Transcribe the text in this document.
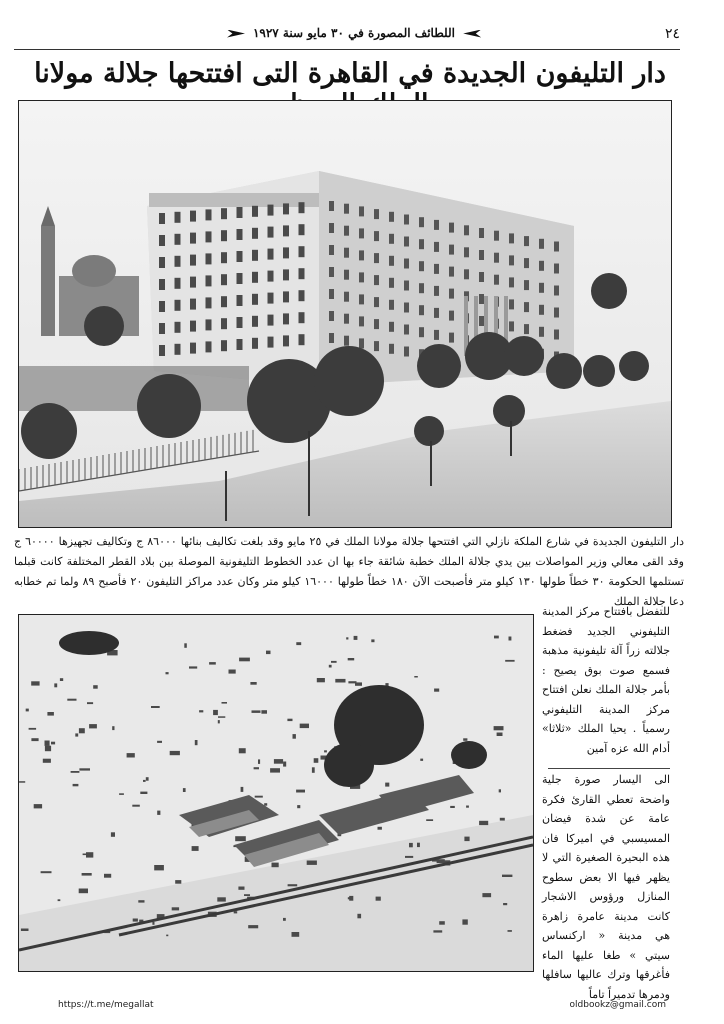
٢٤
اللطائف المصورة في ٣٠ مايو سنة ١٩٢٧
دار التليفون الجديدة في القاهرة التى افتتحها جلالة مولانا
دار التليفون الجديدة في شارع الملكة نازلي التي افتتحها جلالة مولانا الملك في ٢٥ مايو وقد بلغت تكاليف بنائها ٨٦٠٠٠ ج وتكاليف تجهيزها ٦٠٠٠٠ ج وقد القى معالي وزير المواصلات بين يدي جلالة الملك خطبة شائقة جاء بها ان عدد الخطوط التليفونية الموصلة بين بلاد القطر المختلفة كانت قبلما تستلمها الحكومة ٣٠ خطاً طولها ١٣٠ كيلو متر فأصبحت الآن ١٨٠ خطاً طولها ١٦٠٠٠ كيلو متر وكان عدد مراكز التليفون ٢٠ فأصبح ٨٩ ولما تم خطابه دعا جلالة الملك
للتفضل بافتتاح مركز المدينة التليفوني الجديد فضغط جلالته زراً آلة تليفونية مذهبة فسمع صوت بوق يصيح : بأمر جلالة الملك نعلن افتتاح مركز المدينة التليفوني رسمياً . يحيا الملك «ثلاثا» أدام الله عزه آمين
الى اليسار صورة جلية واضحة تعطي القارئ فكرة عامة عن شدة فيضان المسيسبي في اميركا فان هذه البحيرة الصغيرة التي لا يظهر فيها الا بعض سطوح المنازل ورؤوس الاشجار كانت مدينة عامرة زاهرة هي مدينة « اركنساس سيتي » طغا عليها الماء فأغرقها وترك عاليها سافلها ودمرها تدميراً تاماً
https://t.me/megallat	oldbookz@gmail.com
